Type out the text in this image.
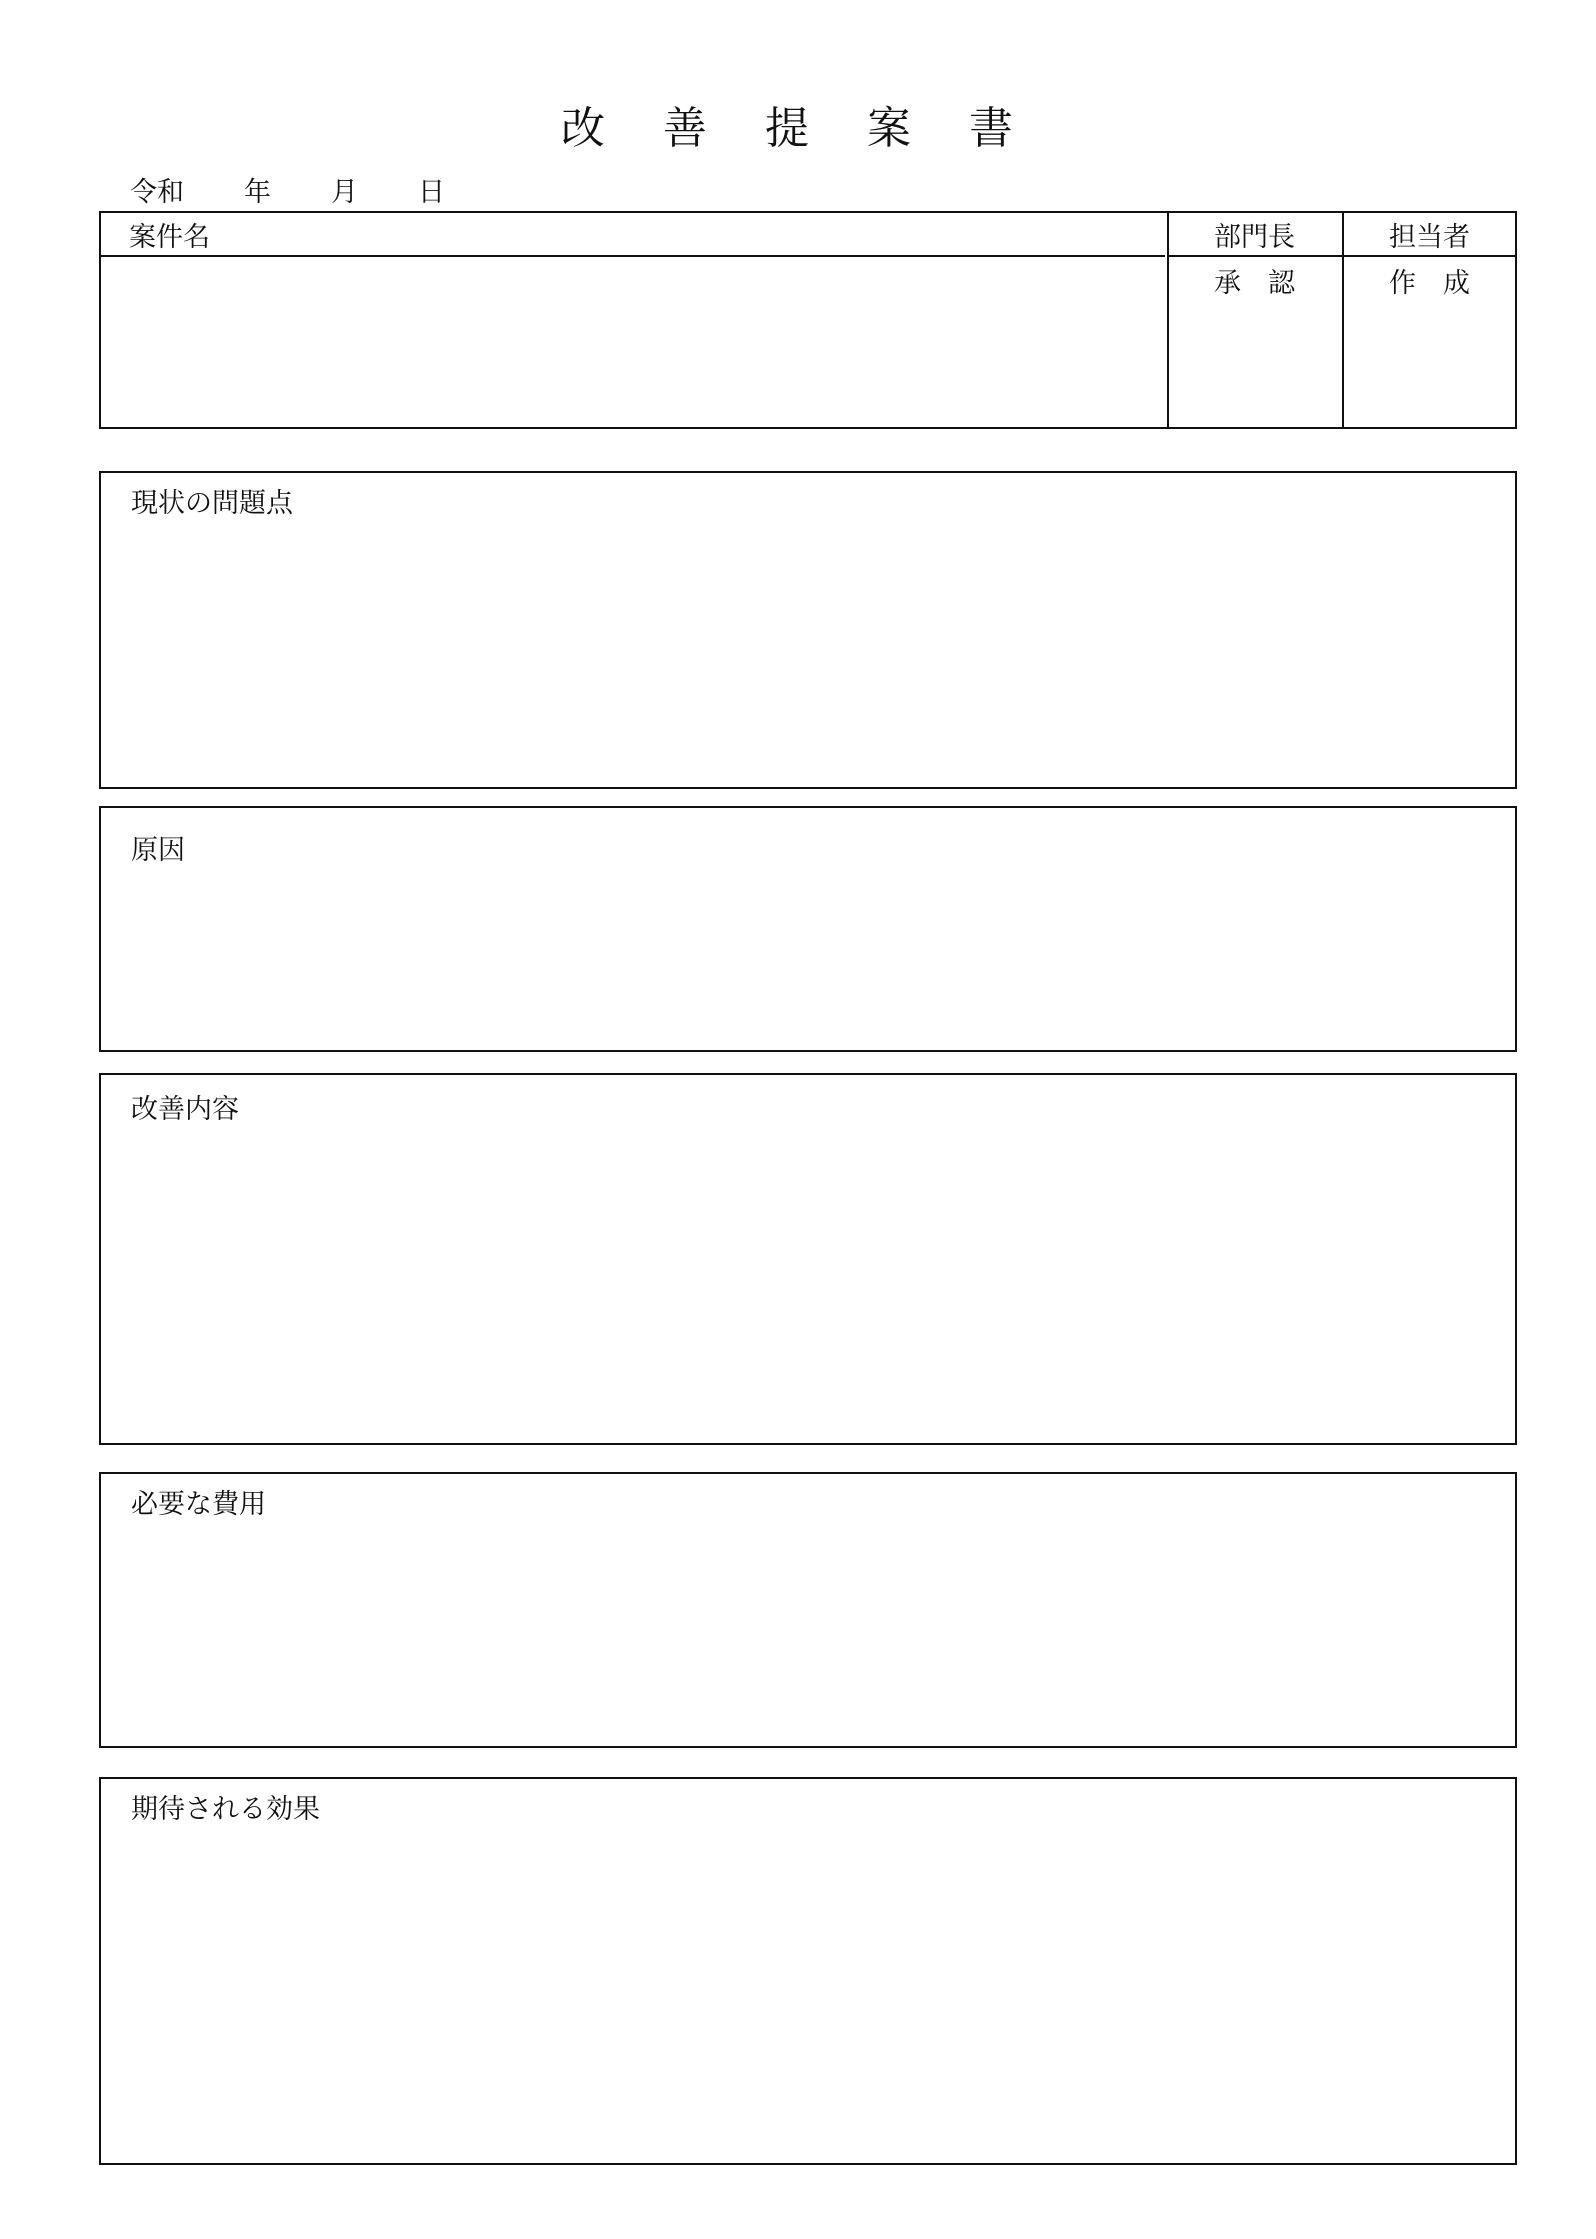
改 善 提 案 書
令和 年 月 日
案件名	部門長
承　認
担当者
作　成
現状の問題点
原因
改善内容
必要な費用
期待される効果
